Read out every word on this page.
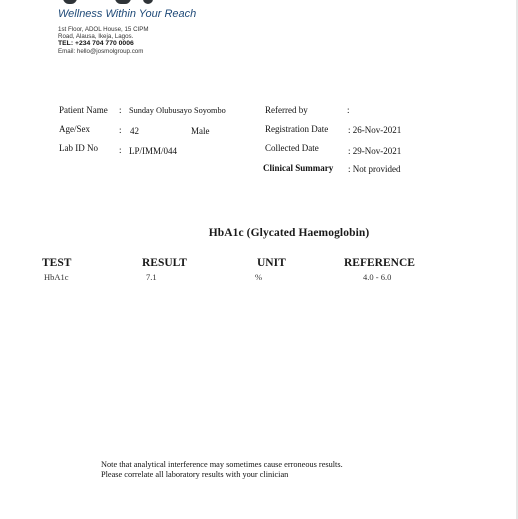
Wellness Within Your Reach
1st Floor, ADOL House, 15 CIPM
Road, Alausa, Ikeja, Lagos.
TEL: +234 704 770 0006
Email: hello@josmolgroup.com
Patient Name : Sunday Olubusayo Soyombo
Age/Sex	: 42	Male
Lab ID No : LP/IMM/044
Referred by	:
Registration Date : 26-Nov-2021
Collected Date	: 29-Nov-2021
Clinical Summary : Not provided
HbA1c (Glycated Haemoglobin)
TEST	RESULT	UNIT	REFERENCE
HbA1c	7.1	%	4.0 - 6.0
Note that analytical interference may sometimes cause erroneous results.
Please correlate all laboratory results with your clinician
